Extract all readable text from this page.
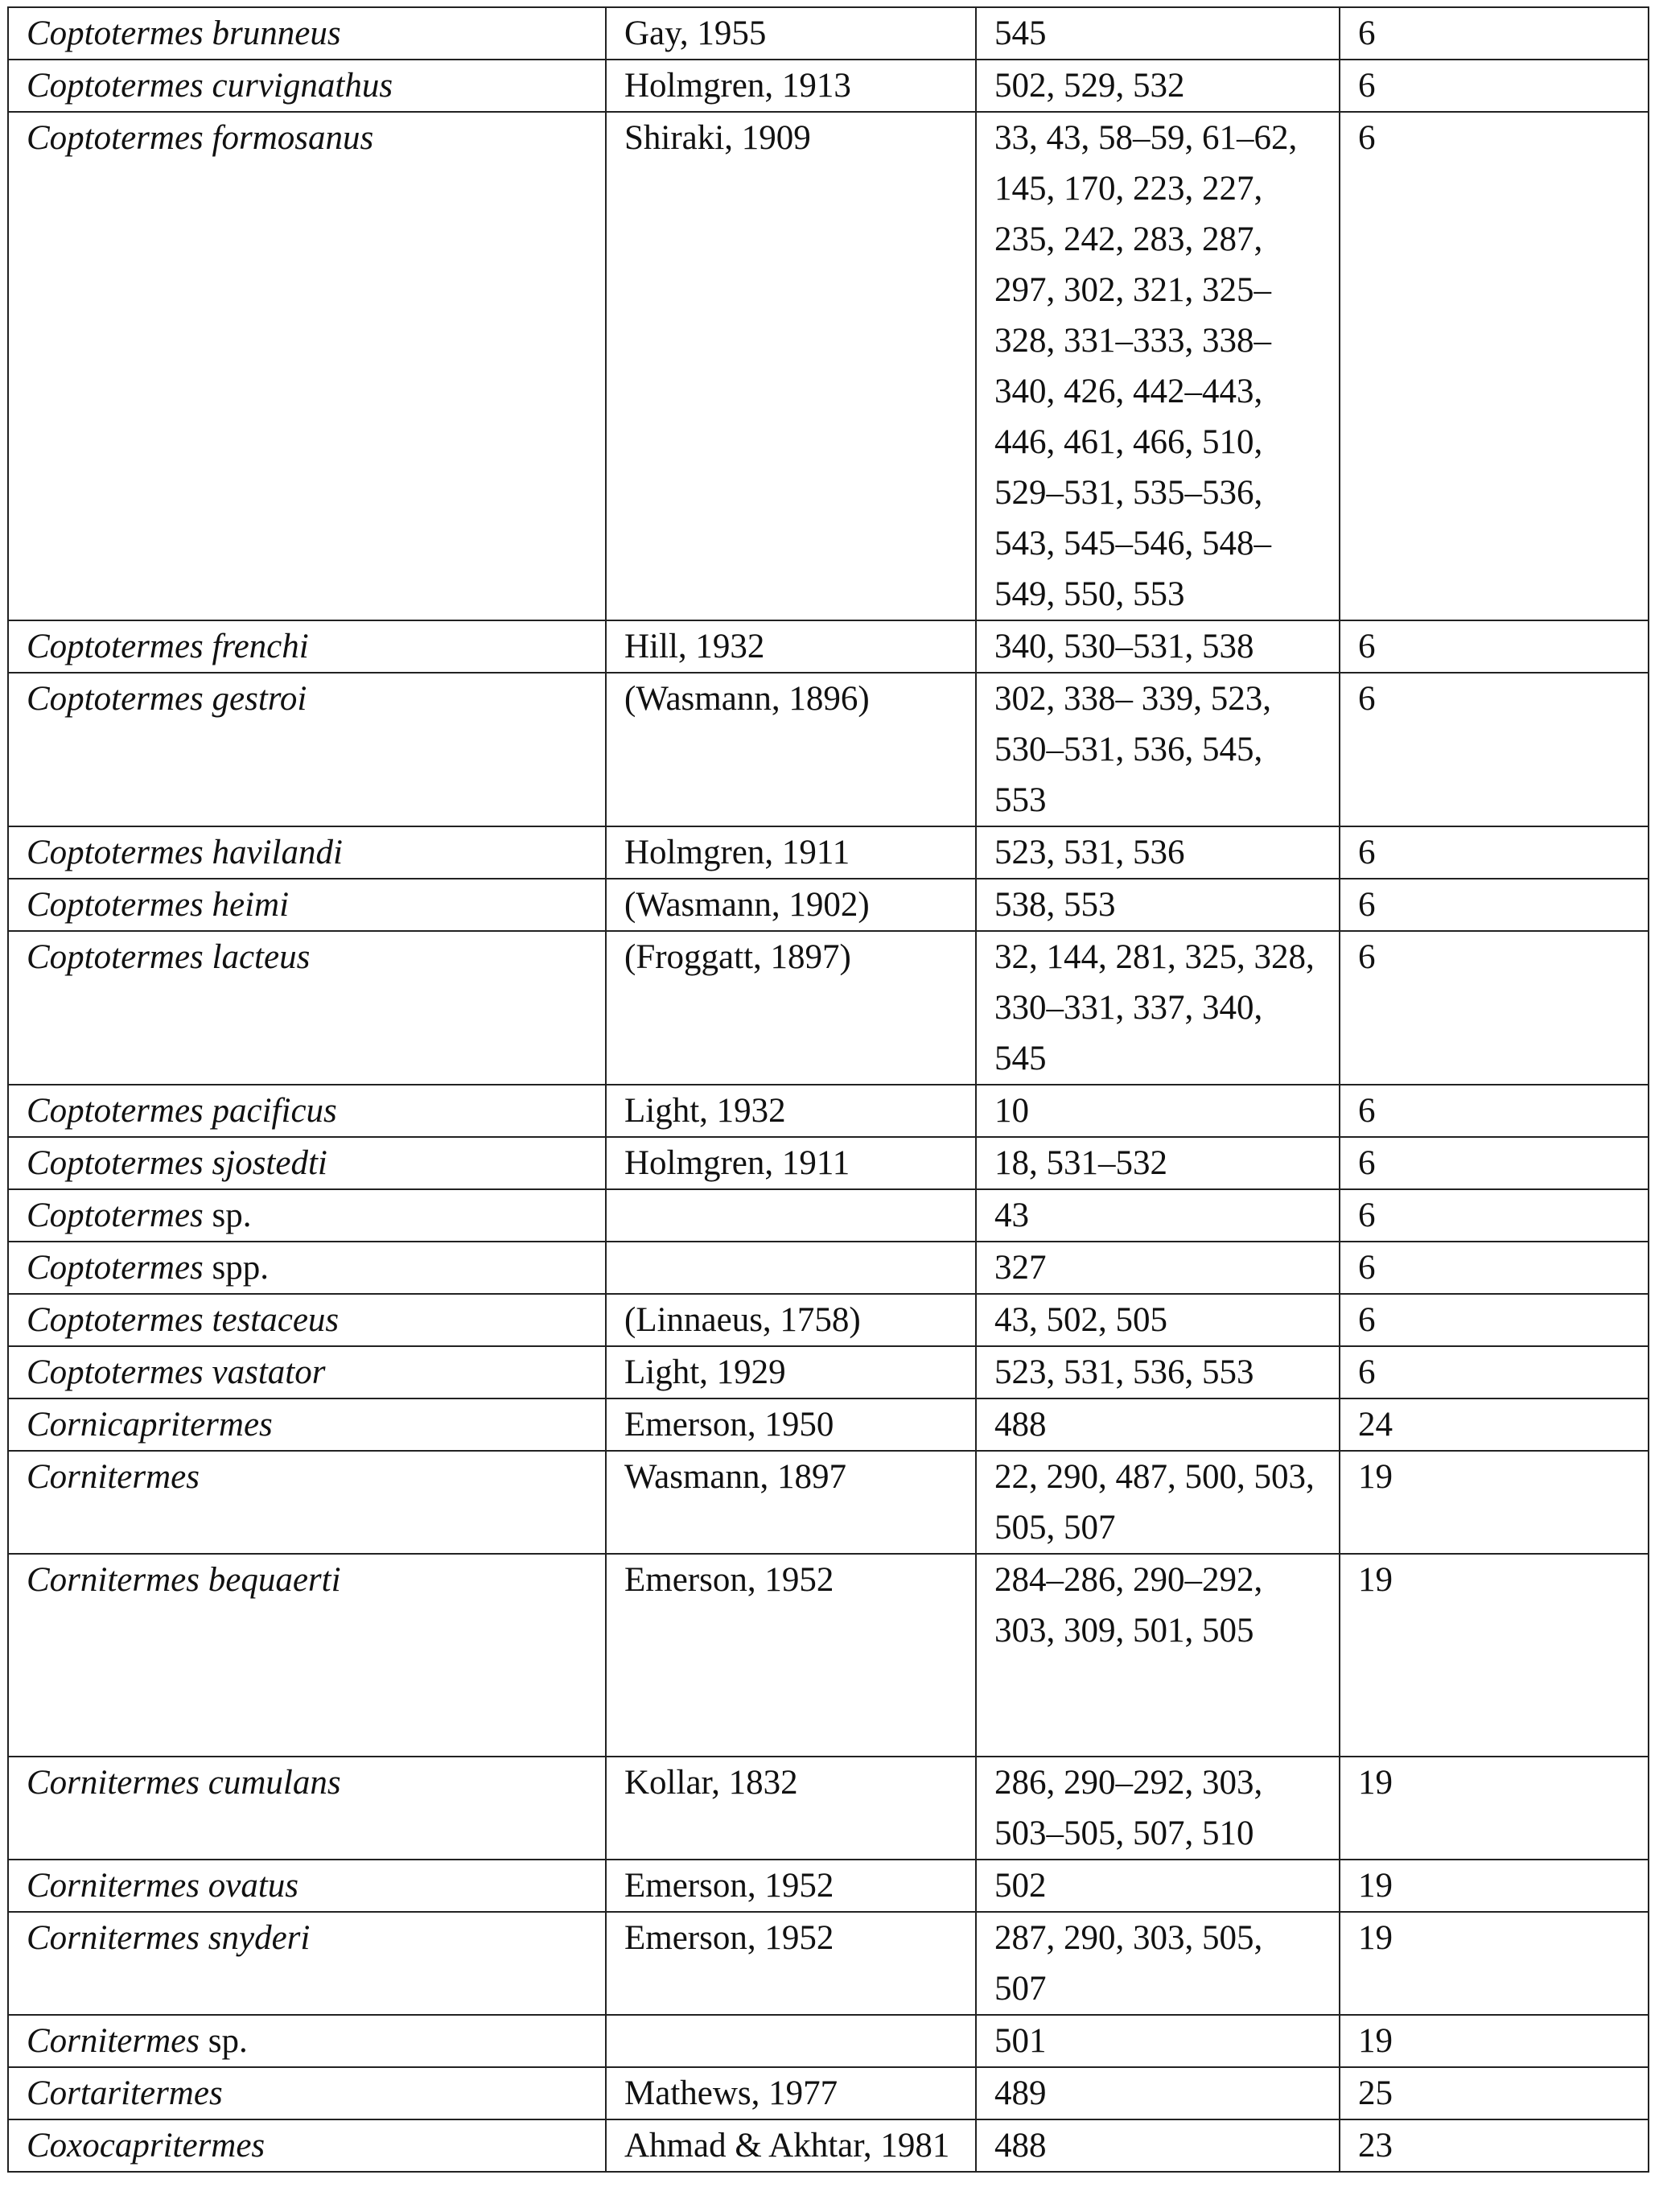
Coptotermes brunneus	Gay, 1955	545	6
Coptotermes curvignathus	Holmgren, 1913	502, 529, 532	6
Coptotermes formosanus	Shiraki, 1909	33, 43, 58–59, 61–62, 145, 170, 223, 227, 235, 242, 283, 287, 297, 302, 321, 325–328, 331–333, 338–340, 426, 442–443, 446, 461, 466, 510, 529–531, 535–536, 543, 545–546, 548–549, 550, 553	6
Coptotermes frenchi	Hill, 1932	340, 530–531, 538	6
Coptotermes gestroi	(Wasmann, 1896)	302, 338– 339, 523, 530–531, 536, 545, 553	6
Coptotermes havilandi	Holmgren, 1911	523, 531, 536	6
Coptotermes heimi	(Wasmann, 1902)	538, 553	6
Coptotermes lacteus	(Froggatt, 1897)	32, 144, 281, 325, 328, 330–331, 337, 340, 545	6
Coptotermes pacificus	Light, 1932	10	6
Coptotermes sjostedti	Holmgren, 1911	18, 531–532	6
Coptotermes sp.		43	6
Coptotermes spp.		327	6
Coptotermes testaceus	(Linnaeus, 1758)	43, 502, 505	6
Coptotermes vastator	Light, 1929	523, 531, 536, 553	6
Cornicapritermes	Emerson, 1950	488	24
Cornitermes	Wasmann, 1897	22, 290, 487, 500, 503, 505, 507	19
Cornitermes bequaerti	Emerson, 1952	284–286, 290–292, 303, 309, 501, 505	19
Cornitermes cumulans	Kollar, 1832	286, 290–292, 303, 503–505, 507, 510	19
Cornitermes ovatus	Emerson, 1952	502	19
Cornitermes snyderi	Emerson, 1952	287, 290, 303, 505, 507	19
Cornitermes sp.		501	19
Cortaritermes	Mathews, 1977	489	25
Coxocapritermes	Ahmad & Akhtar, 1981	488	23
